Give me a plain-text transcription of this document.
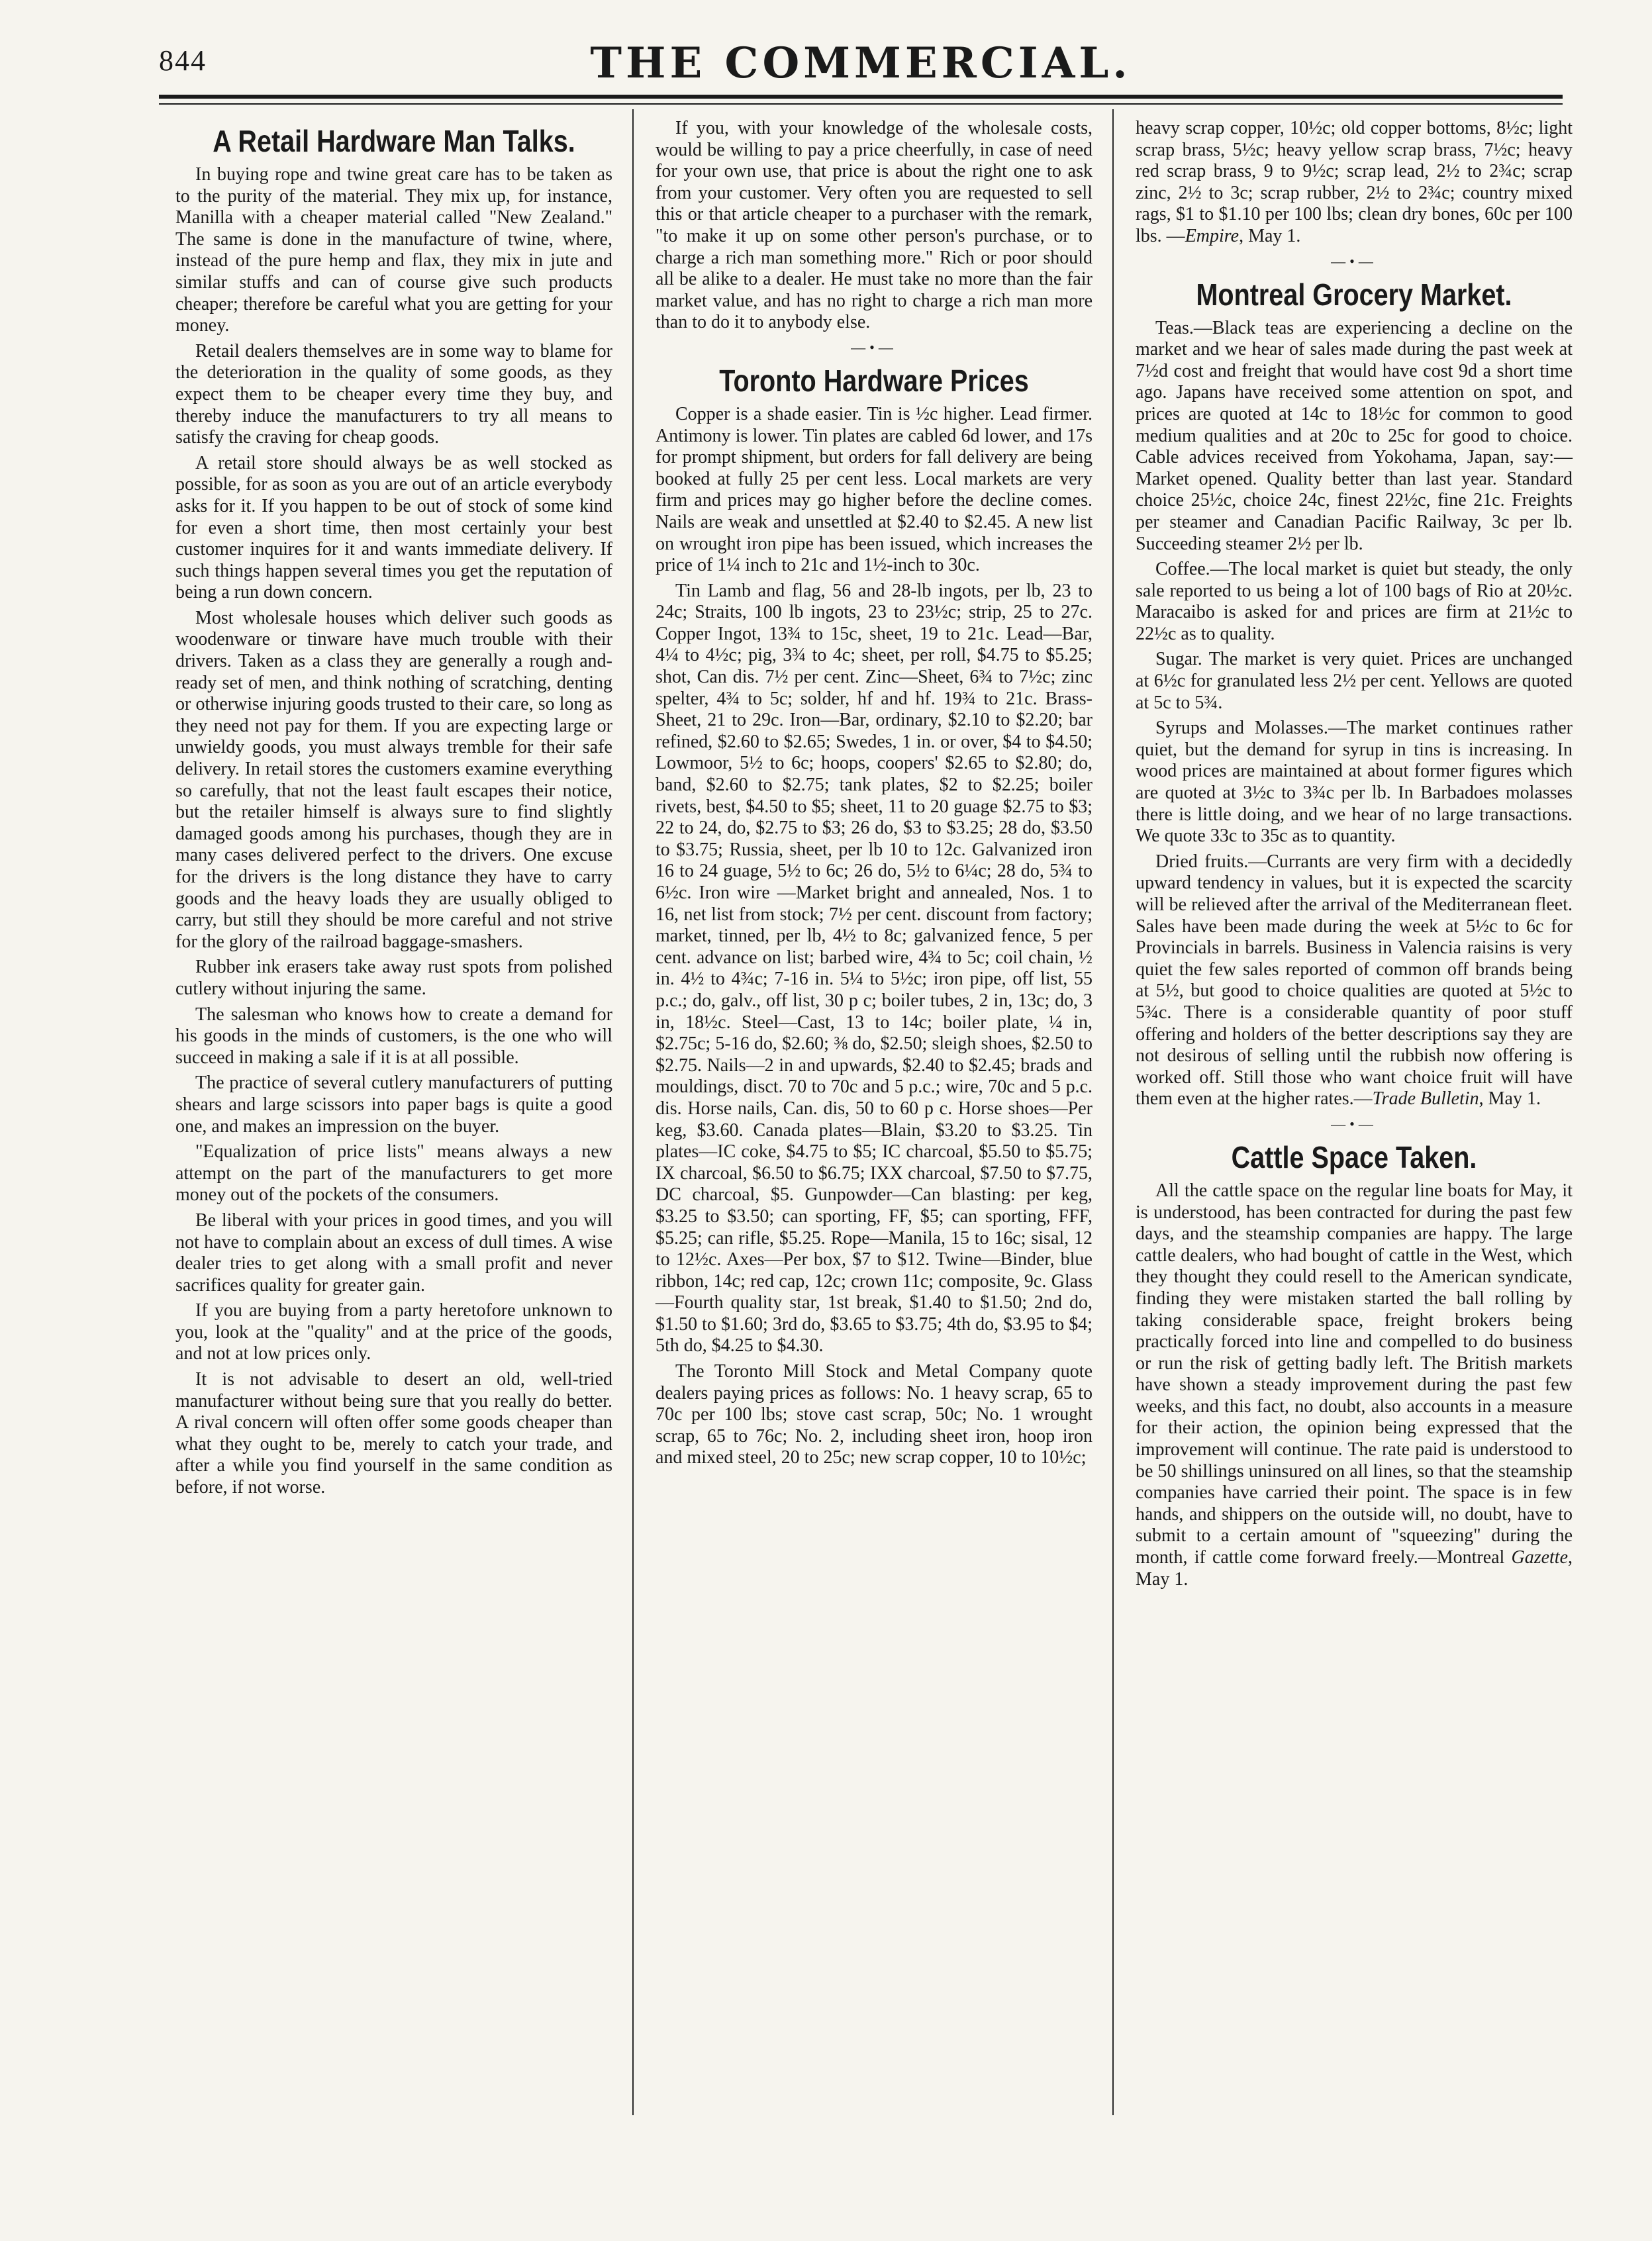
844	THE COMMERCIAL.
A Retail Hardware Man Talks.

In buying rope and twine great care has to be taken as to the purity of the material. They mix up, for instance, Manilla with a cheaper material called "New Zealand." The same is done in the manufacture of twine, where, instead of the pure hemp and flax, they mix in jute and similar stuffs and can of course give such products cheaper; therefore be careful what you are getting for your money.

Retail dealers themselves are in some way to blame for the deterioration in the quality of some goods, as they expect them to be cheaper every time they buy, and thereby induce the manufacturers to try all means to satisfy the craving for cheap goods.

A retail store should always be as well stocked as possible, for as soon as you are out of an article everybody asks for it. If you happen to be out of stock of some kind for even a short time, then most certainly your best customer inquires for it and wants immediate delivery. If such things happen several times you get the reputation of being a run down concern.

Most wholesale houses which deliver such goods as woodenware or tinware have much trouble with their drivers. Taken as a class they are generally a rough and-ready set of men, and think nothing of scratching, denting or otherwise injuring goods trusted to their care, so long as they need not pay for them. If you are expecting large or unwieldy goods, you must always tremble for their safe delivery. In retail stores the customers examine everything so carefully, that not the least fault escapes their notice, but the retailer himself is always sure to find slightly damaged goods among his purchases, though they are in many cases delivered perfect to the drivers. One excuse for the drivers is the long distance they have to carry goods and the heavy loads they are usually obliged to carry, but still they should be more careful and not strive for the glory of the railroad baggage-smashers.

Rubber ink erasers take away rust spots from polished cutlery without injuring the same.

The salesman who knows how to create a demand for his goods in the minds of customers, is the one who will succeed in making a sale if it is at all possible.

The practice of several cutlery manufacturers of putting shears and large scissors into paper bags is quite a good one, and makes an impression on the buyer.

"Equalization of price lists" means always a new attempt on the part of the manufacturers to get more money out of the pockets of the consumers.

Be liberal with your prices in good times, and you will not have to complain about an excess of dull times. A wise dealer tries to get along with a small profit and never sacrifices quality for greater gain.

If you are buying from a party heretofore unknown to you, look at the "quality" and at the price of the goods, and not at low prices only.

It is not advisable to desert an old, well-tried manufacturer without being sure that you really do better. A rival concern will often offer some goods cheaper than what they ought to be, merely to catch your trade, and after a while you find yourself in the same condition as before, if not worse.

If you, with your knowledge of the wholesale costs, would be willing to pay a price cheerfully, in case of need for your own use, that price is about the right one to ask from your customer. Very often you are requested to sell this or that article cheaper to a purchaser with the remark, "to make it up on some other person's purchase, or to charge a rich man something more." Rich or poor should all be alike to a dealer. He must take no more than the fair market value, and has no right to charge a rich man more than to do it to anybody else.

—•—
Toronto Hardware Prices

Copper is a shade easier. Tin is ½c higher. Lead firmer. Antimony is lower. Tin plates are cabled 6d lower, and 17s for prompt shipment, but orders for fall delivery are being booked at fully 25 per cent less. Local markets are very firm and prices may go higher before the decline comes. Nails are weak and unsettled at $2.40 to $2.45. A new list on wrought iron pipe has been issued, which increases the price of 1¼ inch to 21c and 1½-inch to 30c.

Tin Lamb and flag, 56 and 28-lb ingots, per lb, 23 to 24c; Straits, 100 lb ingots, 23 to 23½c; strip, 25 to 27c. Copper Ingot, 13¾ to 15c, sheet, 19 to 21c. Lead—Bar, 4¼ to 4½c; pig, 3¾ to 4c; sheet, per roll, $4.75 to $5.25; shot, Can dis. 7½ per cent. Zinc—Sheet, 6¾ to 7½c; zinc spelter, 4¾ to 5c; solder, hf and hf. 19¾ to 21c. Brass- Sheet, 21 to 29c. Iron—Bar, ordinary, $2.10 to $2.20; bar refined, $2.60 to $2.65; Swedes, 1 in. or over, $4 to $4.50; Lowmoor, 5½ to 6c; hoops, coopers' $2.65 to $2.80; do, band, $2.60 to $2.75; tank plates, $2 to $2.25; boiler rivets, best, $4.50 to $5; sheet, 11 to 20 guage $2.75 to $3; 22 to 24, do, $2.75 to $3; 26 do, $3 to $3.25; 28 do, $3.50 to $3.75; Russia, sheet, per lb 10 to 12c. Galvanized iron 16 to 24 guage, 5½ to 6c; 26 do, 5½ to 6¼c; 28 do, 5¾ to 6½c. Iron wire —Market bright and annealed, Nos. 1 to 16, net list from stock; 7½ per cent. discount from factory; market, tinned, per lb, 4½ to 8c; galvanized fence, 5 per cent. advance on list; barbed wire, 4¾ to 5c; coil chain, ½ in. 4½ to 4¾c; 7-16 in. 5¼ to 5½c; iron pipe, off list, 55 p.c.; do, galv., off list, 30 p c; boiler tubes, 2 in, 13c; do, 3 in, 18½c. Steel—Cast, 13 to 14c; boiler plate, ¼ in, $2.75c; 5-16 do, $2.60; ⅜ do, $2.50; sleigh shoes, $2.50 to $2.75. Nails—2 in and upwards, $2.40 to $2.45; brads and mouldings, disct. 70 to 70c and 5 p.c.; wire, 70c and 5 p.c. dis. Horse nails, Can. dis, 50 to 60 p c. Horse shoes—Per keg, $3.60. Canada plates—Blain, $3.20 to $3.25. Tin plates—IC coke, $4.75 to $5; IC charcoal, $5.50 to $5.75; IX charcoal, $6.50 to $6.75; IXX charcoal, $7.50 to $7.75, DC charcoal, $5. Gunpowder—Can blasting: per keg, $3.25 to $3.50; can sporting, FF, $5; can sporting, FFF, $5.25; can rifle, $5.25. Rope—Manila, 15 to 16c; sisal, 12 to 12½c. Axes—Per box, $7 to $12. Twine—Binder, blue ribbon, 14c; red cap, 12c; crown 11c; composite, 9c. Glass—Fourth quality star, 1st break, $1.40 to $1.50; 2nd do, $1.50 to $1.60; 3rd do, $3.65 to $3.75; 4th do, $3.95 to $4; 5th do, $4.25 to $4.30.

The Toronto Mill Stock and Metal Company quote dealers paying prices as follows: No. 1 heavy scrap, 65 to 70c per 100 lbs; stove cast scrap, 50c; No. 1 wrought scrap, 65 to 76c; No. 2, including sheet iron, hoop iron and mixed steel, 20 to 25c; new scrap copper, 10 to 10½c;

heavy scrap copper, 10½c; old copper bottoms, 8½c; light scrap brass, 5½c; heavy yellow scrap brass, 7½c; heavy red scrap brass, 9 to 9½c; scrap lead, 2½ to 2¾c; scrap zinc, 2½ to 3c; scrap rubber, 2½ to 2¾c; country mixed rags, $1 to $1.10 per 100 lbs; clean dry bones, 60c per 100 lbs. —Empire, May 1.

—•—
Montreal Grocery Market.

Teas.—Black teas are experiencing a decline on the market and we hear of sales made during the past week at 7½d cost and freight that would have cost 9d a short time ago. Japans have received some attention on spot, and prices are quoted at 14c to 18½c for common to good medium qualities and at 20c to 25c for good to choice. Cable advices received from Yokohama, Japan, say:—Market opened. Quality better than last year. Standard choice 25½c, choice 24c, finest 22½c, fine 21c. Freights per steamer and Canadian Pacific Railway, 3c per lb. Succeeding steamer 2½ per lb.

Coffee.—The local market is quiet but steady, the only sale reported to us being a lot of 100 bags of Rio at 20½c. Maracaibo is asked for and prices are firm at 21½c to 22½c as to quality.

Sugar. The market is very quiet. Prices are unchanged at 6½c for granulated less 2½ per cent. Yellows are quoted at 5c to 5¾.

Syrups and Molasses.—The market continues rather quiet, but the demand for syrup in tins is increasing. In wood prices are maintained at about former figures which are quoted at 3½c to 3¾c per lb. In Barbadoes molasses there is little doing, and we hear of no large transactions. We quote 33c to 35c as to quantity.

Dried fruits.—Currants are very firm with a decidedly upward tendency in values, but it is expected the scarcity will be relieved after the arrival of the Mediterranean fleet. Sales have been made during the week at 5½c to 6c for Provincials in barrels. Business in Valencia raisins is very quiet the few sales reported of common off brands being at 5½, but good to choice qualities are quoted at 5½c to 5¾c. There is a considerable quantity of poor stuff offering and holders of the better descriptions say they are not desirous of selling until the rubbish now offering is worked off. Still those who want choice fruit will have them even at the higher rates.—Trade Bulletin, May 1.

—•—
Cattle Space Taken.

All the cattle space on the regular line boats for May, it is understood, has been contracted for during the past few days, and the steamship companies are happy. The large cattle dealers, who had bought of cattle in the West, which they thought they could resell to the American syndicate, finding they were mistaken started the ball rolling by taking considerable space, freight brokers being practically forced into line and compelled to do business or run the risk of getting badly left. The British markets have shown a steady improvement during the past few weeks, and this fact, no doubt, also accounts in a measure for their action, the opinion being expressed that the improvement will continue. The rate paid is understood to be 50 shillings uninsured on all lines, so that the steamship companies have carried their point. The space is in few hands, and shippers on the outside will, no doubt, have to submit to a certain amount of "squeezing" during the month, if cattle come forward freely.—Montreal Gazette, May 1.
